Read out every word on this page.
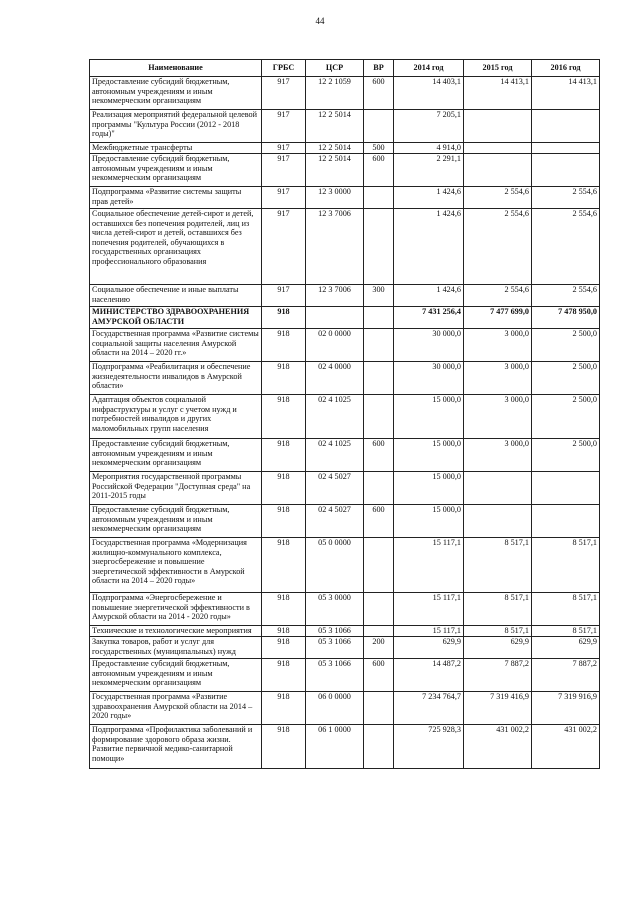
44
Наименование	ГРБС	ЦСР	ВР	2014 год	2015 год	2016 год
Предоставление субсидий бюджетным, автономным учреждениям и иным некоммерческим организациям	917	12 2 1059	600	14 403,1	14 413,1	14 413,1
Реализация мероприятий федеральной целевой программы "Культура России (2012 - 2018 годы)"	917	12 2 5014		7 205,1		
Межбюджетные трансферты	917	12 2 5014	500	4 914,0		
Предоставление субсидий бюджетным, автономным учреждениям и иным некоммерческим организациям	917	12 2 5014	600	2 291,1		
Подпрограмма «Развитие системы защиты прав детей»	917	12 3 0000		1 424,6	2 554,6	2 554,6
Социальное обеспечение детей-сирот и детей, оставшихся без попечения родителей, лиц из числа детей-сирот и детей, оставшихся без попечения родителей, обучающихся в государственных организациях профессионального образования	917	12 3 7006		1 424,6	2 554,6	2 554,6
Социальное обеспечение и иные выплаты населению	917	12 3 7006	300	1 424,6	2 554,6	2 554,6
МИНИСТЕРСТВО ЗДРАВООХРАНЕНИЯ АМУРСКОЙ ОБЛАСТИ	918			7 431 256,4	7 477 699,0	7 478 950,0
Государственная программа «Развитие системы социальной защиты населения Амурской области на 2014 – 2020 гг.»	918	02 0 0000		30 000,0	3 000,0	2 500,0
Подпрограмма «Реабилитация и обеспечение жизнедеятельности инвалидов в Амурской области»	918	02 4 0000		30 000,0	3 000,0	2 500,0
Адаптация объектов социальной инфраструктуры и услуг с учетом нужд и потребностей инвалидов и других маломобильных групп населения	918	02 4 1025		15 000,0	3 000,0	2 500,0
Предоставление субсидий бюджетным, автономным учреждениям и иным некоммерческим организациям	918	02 4 1025	600	15 000,0	3 000,0	2 500,0
Мероприятия государственной программы Российской Федерации "Доступная среда" на 2011-2015 годы	918	02 4 5027		15 000,0		
Предоставление субсидий бюджетным, автономным учреждениям и иным некоммерческим организациям	918	02 4 5027	600	15 000,0		
Государственная программа «Модернизация жилищно-коммунального комплекса, энергосбережение и повышение энергетической эффективности в Амурской области на 2014 – 2020 годы»	918	05 0 0000		15 117,1	8 517,1	8 517,1
Подпрограмма «Энергосбережение и повышение энергетической эффективности в Амурской области на 2014 - 2020 годы»	918	05 3 0000		15 117,1	8 517,1	8 517,1
Технические и технологические мероприятия	918	05 3 1066		15 117,1	8 517,1	8 517,1
Закупка товаров, работ и услуг для государственных (муниципальных) нужд	918	05 3 1066	200	629,9	629,9	629,9
Предоставление субсидий бюджетным, автономным учреждениям и иным некоммерческим организациям	918	05 3 1066	600	14 487,2	7 887,2	7 887,2
Государственная программа «Развитие здравоохранения Амурской области на 2014 – 2020 годы»	918	06 0 0000		7 234 764,7	7 319 416,9	7 319 916,9
Подпрограмма «Профилактика заболеваний и формирование здорового образа жизни. Развитие первичной медико-санитарной помощи»	918	06 1 0000		725 928,3	431 002,2	431 002,2
